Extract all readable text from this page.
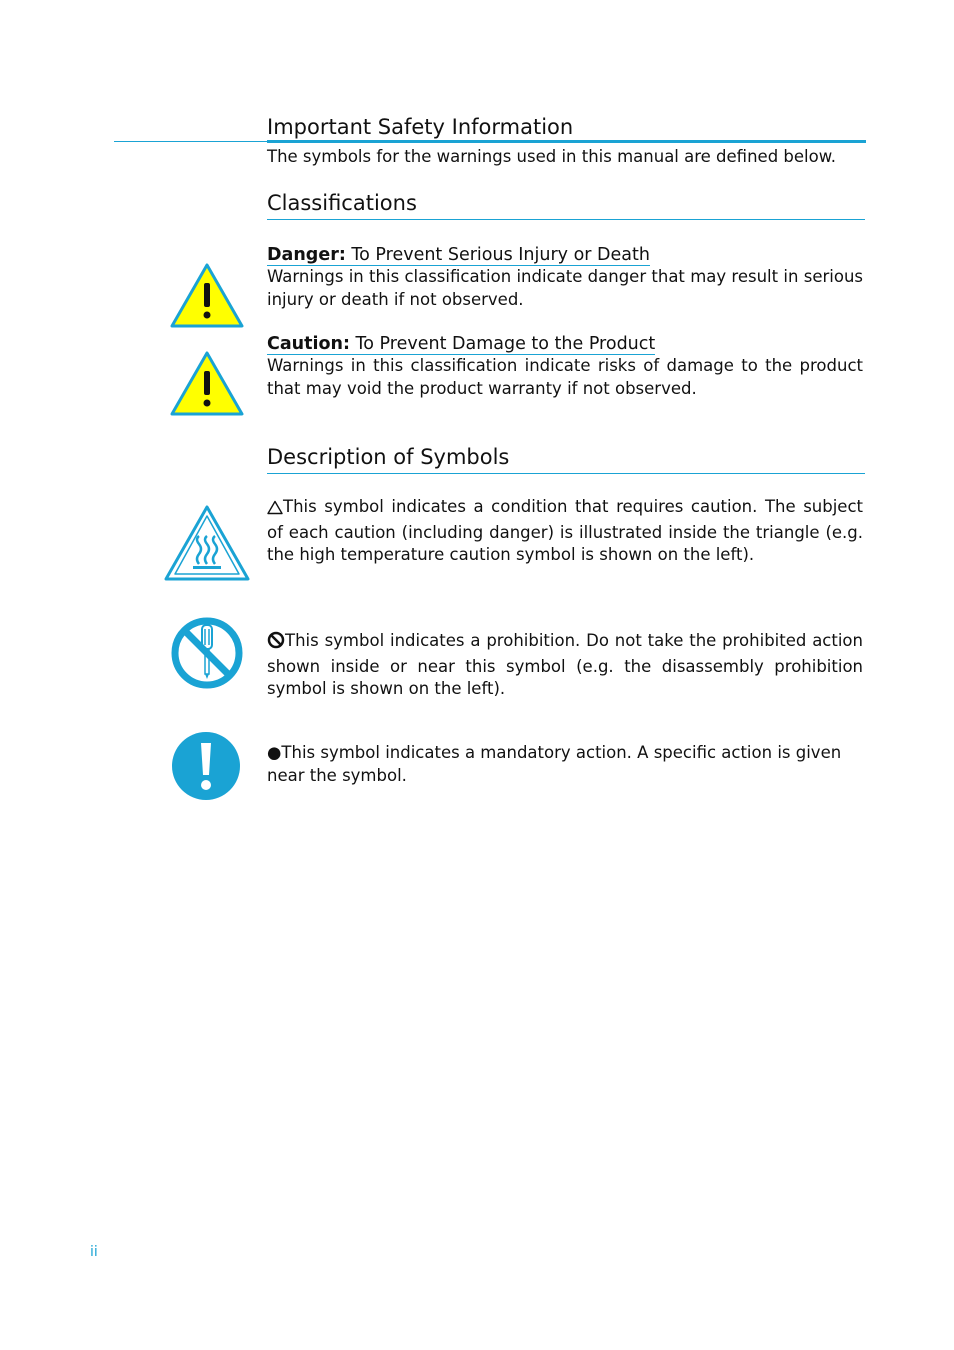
Important Safety Information
The symbols for the warnings used in this manual are defined below.
Classifications
Danger: To Prevent Serious Injury or Death
Warnings in this classification indicate danger that may result in serious injury or death if not observed.
Caution: To Prevent Damage to the Product
Warnings in this classification indicate risks of damage to the product that may void the product warranty if not observed.
Description of Symbols
This symbol indicates a condition that requires caution. The subject of each caution (including danger) is illustrated inside the triangle (e.g. the high temperature caution symbol is shown on the left).
This symbol indicates a prohibition. Do not take the prohibited action shown inside or near this symbol (e.g. the disassembly prohibition symbol is shown on the left).
●This symbol indicates a mandatory action. A specific action is given near the symbol.
ii
